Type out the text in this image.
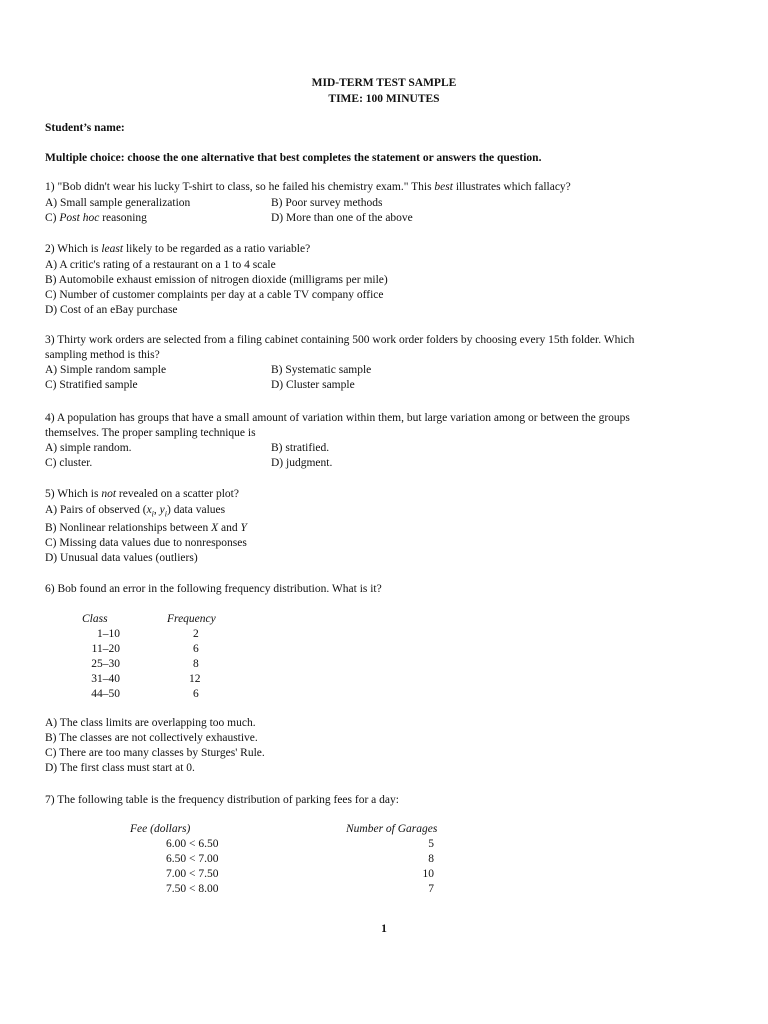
MID-TERM TEST SAMPLE
TIME: 100 MINUTES
Student’s name:
Multiple choice: choose the one alternative that best completes the statement or answers the question.
1) "Bob didn't wear his lucky T-shirt to class, so he failed his chemistry exam." This best illustrates which fallacy?
A) Small sample generalization	B) Poor survey methods
C) Post hoc reasoning	D) More than one of the above
2) Which is least likely to be regarded as a ratio variable?
A) A critic's rating of a restaurant on a 1 to 4 scale
B) Automobile exhaust emission of nitrogen dioxide (milligrams per mile)
C) Number of customer complaints per day at a cable TV company office
D) Cost of an eBay purchase
3) Thirty work orders are selected from a filing cabinet containing 500 work order folders by choosing every 15th folder. Which
sampling method is this?
A) Simple random sample	B) Systematic sample
C) Stratified sample	D) Cluster sample
4) A population has groups that have a small amount of variation within them, but large variation among or between the groups
themselves. The proper sampling technique is
A) simple random.	B) stratified.
C) cluster.	D) judgment.
5) Which is not revealed on a scatter plot?
A) Pairs of observed ($x_i$, $y_i$) data values
B) Nonlinear relationships between X and Y
C) Missing data values due to nonresponses
D) Unusual data values (outliers)
6) Bob found an error in the following frequency distribution. What is it?
Class	Frequency
1–10	2
11–20	6
25–30	8
31–40	12
44–50	6
A) The class limits are overlapping too much.
B) The classes are not collectively exhaustive.
C) There are too many classes by Sturges' Rule.
D) The first class must start at 0.
7) The following table is the frequency distribution of parking fees for a day:
Fee (dollars)	Number of Garages
6.00 < 6.50	5
6.50 < 7.00	8
7.00 < 7.50	10
7.50 < 8.00	7
1
